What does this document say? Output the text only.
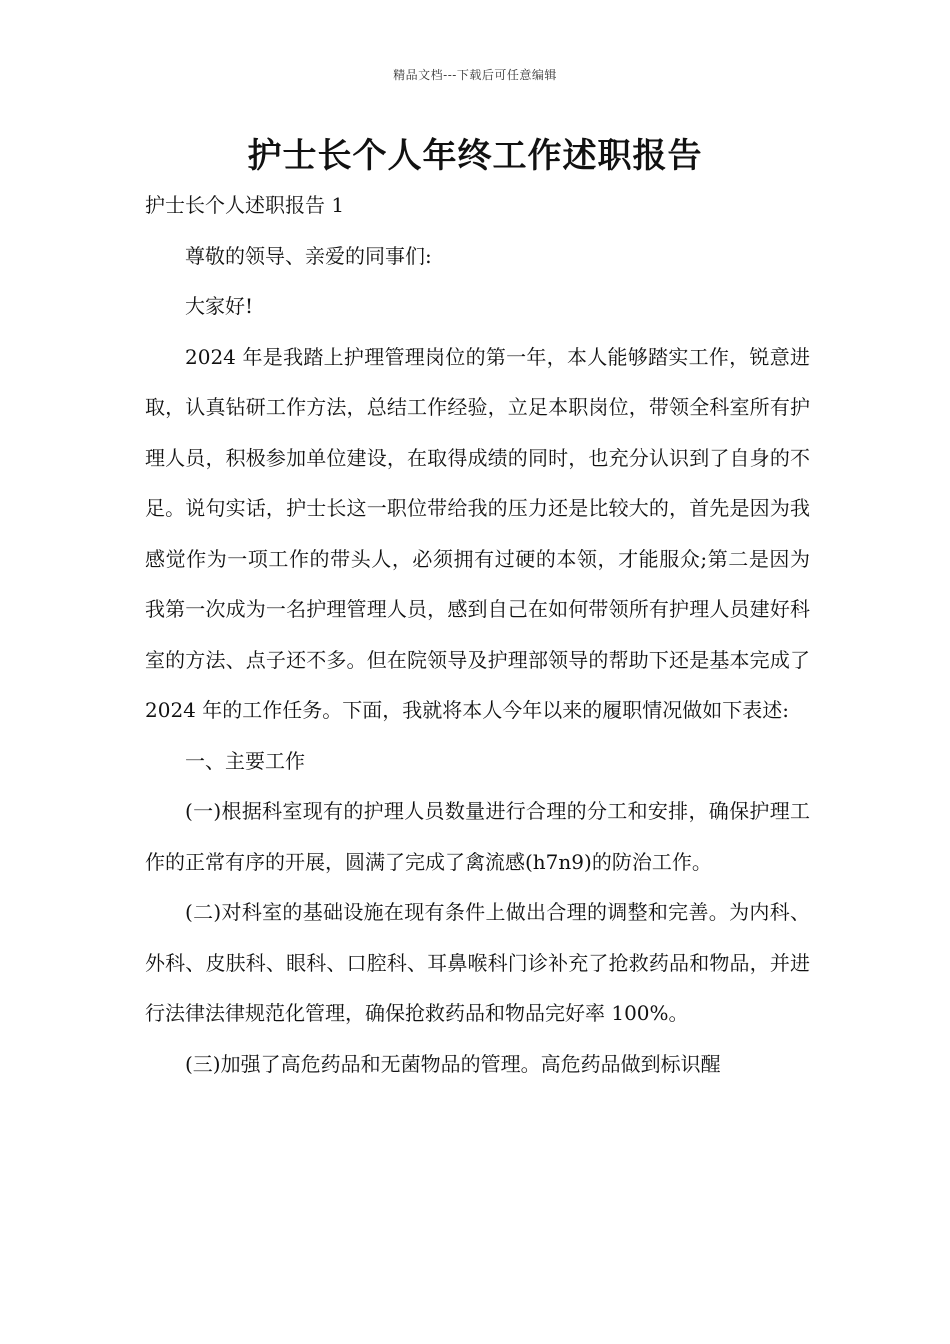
精品文档---下载后可任意编辑
护士长个人年终工作述职报告

护士长个人述职报告 1

尊敬的领导、亲爱的同事们:

大家好!

2024 年是我踏上护理管理岗位的第一年，本人能够踏实工作，锐意进取，认真钻研工作方法，总结工作经验，立足本职岗位，带领全科室所有护理人员，积极参加单位建设，在取得成绩的同时，也充分认识到了自身的不足。说句实话，护士长这一职位带给我的压力还是比较大的，首先是因为我感觉作为一项工作的带头人，必须拥有过硬的本领，才能服众;第二是因为我第一次成为一名护理管理人员，感到自己在如何带领所有护理人员建好科室的方法、点子还不多。但在院领导及护理部领导的帮助下还是基本完成了 2024 年的工作任务。下面，我就将本人今年以来的履职情况做如下表述:

一、主要工作

(一)根据科室现有的护理人员数量进行合理的分工和安排，确保护理工作的正常有序的开展，圆满了完成了禽流感(h7n9)的防治工作。

(二)对科室的基础设施在现有条件上做出合理的调整和完善。为内科、外科、皮肤科、眼科、口腔科、耳鼻喉科门诊补充了抢救药品和物品，并进行法律法律规范化管理，确保抢救药品和物品完好率 100%。

(三)加强了高危药品和无菌物品的管理。高危药品做到标识醒
